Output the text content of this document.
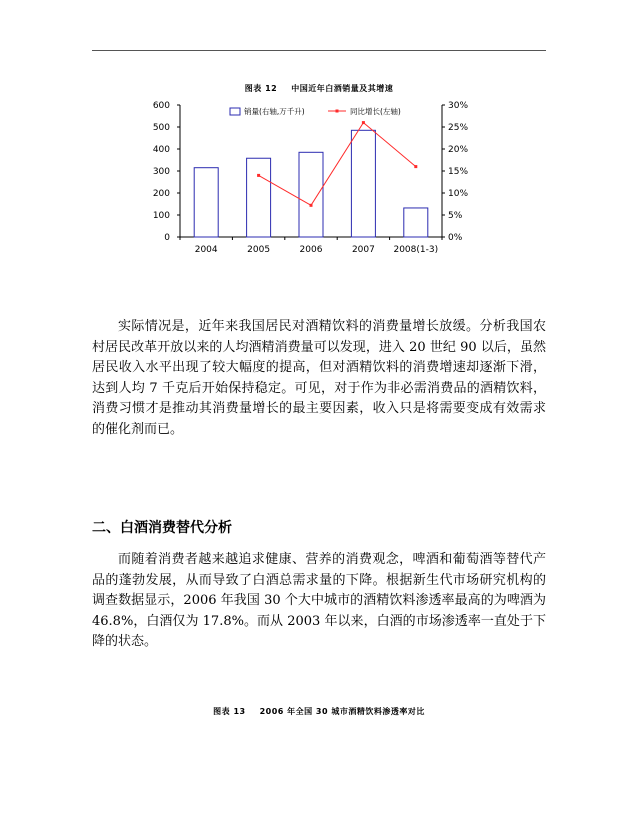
图表 12 中国近年白酒销量及其增速
0
100
200
300
400
500
600
0%
5%
10%
15%
20%
25%
30%
2004	2005	2006	2007 2008(1-3)
销量(右轴,万千升)	同比增长(左轴)

实际情况是，近年来我国居民对酒精饮料的消费量增长放缓。分析我国农村居民改革开放以来的人均酒精消费量可以发现，进入 20 世纪 90 以后，虽然居民收入水平出现了较大幅度的提高，但对酒精饮料的消费增速却逐渐下滑，达到人均 7 千克后开始保持稳定。可见，对于作为非必需消费品的酒精饮料，消费习惯才是推动其消费量增长的最主要因素，收入只是将需要变成有效需求的催化剂而已。

二、白酒消费替代分析

而随着消费者越来越追求健康、营养的消费观念，啤酒和葡萄酒等替代产品的蓬勃发展，从而导致了白酒总需求量的下降。根据新生代市场研究机构的调查数据显示，2006 年我国 30 个大中城市的酒精饮料渗透率最高的为啤酒为 46.8%，白酒仅为 17.8%。而从 2003 年以来，白酒的市场渗透率一直处于下降的状态。

图表 13 2006 年全国 30 城市酒精饮料渗透率对比
